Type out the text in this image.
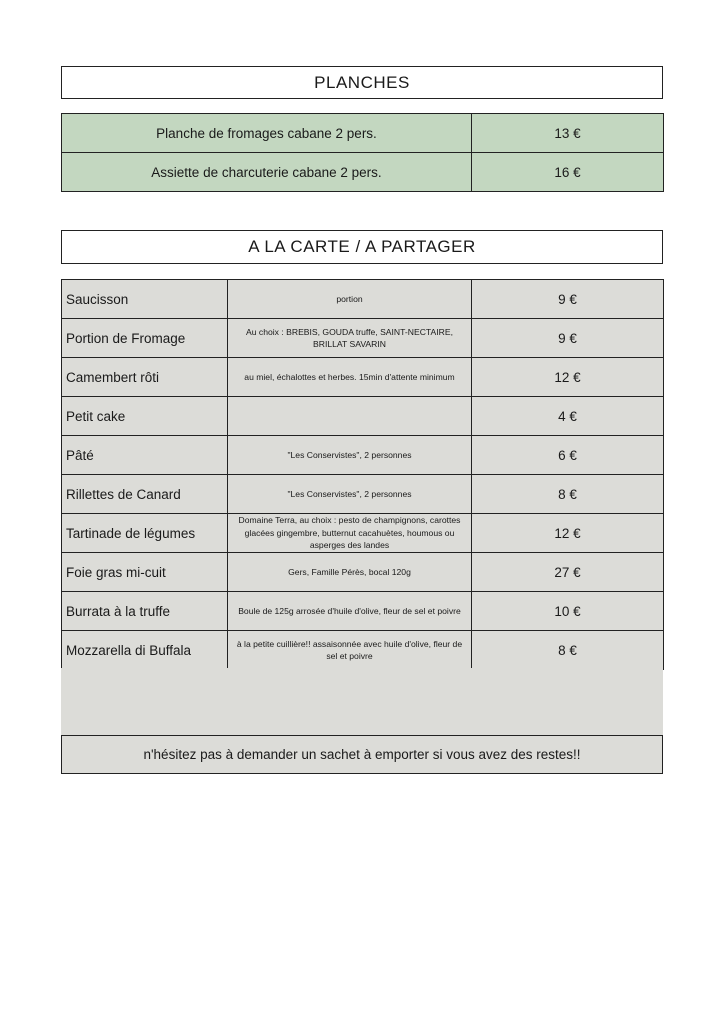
PLANCHES
Planche de fromages cabane 2 pers.	13 €
Assiette de charcuterie cabane 2 pers.	16 €
A LA CARTE / A PARTAGER
Saucisson	portion	9 €
Portion de Fromage	Au choix : BREBIS, GOUDA truffe, SAINT-NECTAIRE, BRILLAT SAVARIN	9 €
Camembert rôti	au miel, échalottes et herbes. 15min d'attente minimum	12 €
Petit cake		4 €
Pâté	"Les Conservistes", 2 personnes	6 €
Rillettes de Canard	"Les Conservistes", 2 personnes	8 €
Tartinade de légumes	Domaine Terra, au choix : pesto de champignons, carottes glacées gingembre, butternut cacahuètes, houmous ou asperges des landes	12 €
Foie gras mi-cuit	Gers, Famille Pérès, bocal 120g	27 €
Burrata à la truffe	Boule de 125g arrosée d'huile d'olive, fleur de sel et poivre	10 €
Mozzarella di Buffala	à la petite cuillière!! assaisonnée avec huile d'olive, fleur de sel et poivre	8 €
n'hésitez pas à demander un sachet à emporter si vous avez des restes!!
